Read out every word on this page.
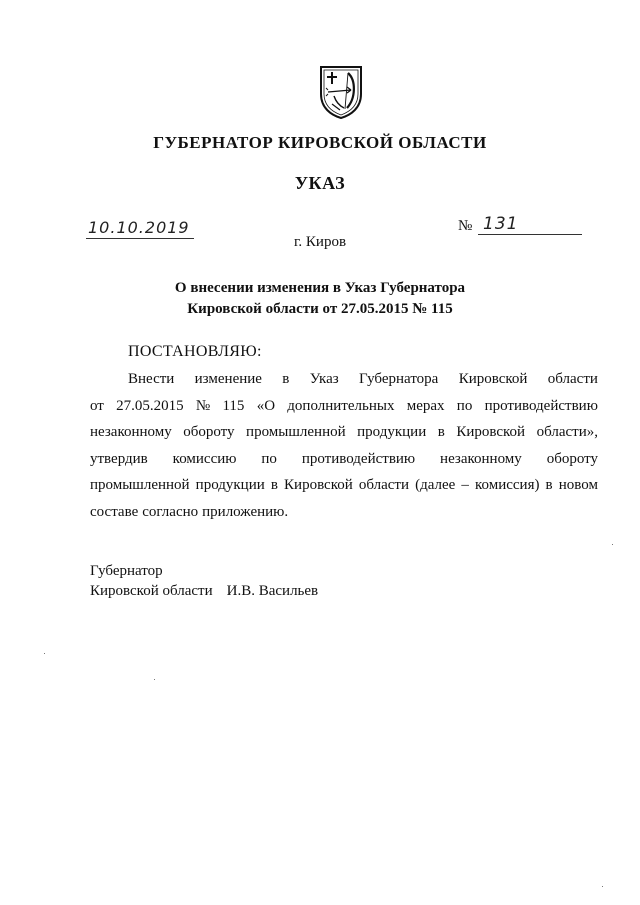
ГУБЕРНАТОР КИРОВСКОЙ ОБЛАСТИ
УКАЗ
10.10.2019	№ 131
г. Киров
О внесении изменения в Указ Губернатора
Кировской области от 27.05.2015 № 115
ПОСТАНОВЛЯЮ:
Внести изменение в Указ Губернатора Кировской области
от 27.05.2015 № 115 «О дополнительных мерах по противодействию
незаконному обороту промышленной продукции в Кировской области»,
утвердив комиссию по противодействию незаконному обороту
промышленной продукции в Кировской области (далее – комиссия) в новом
составе согласно приложению.
Губернатор
Кировской области И.В. Васильев
